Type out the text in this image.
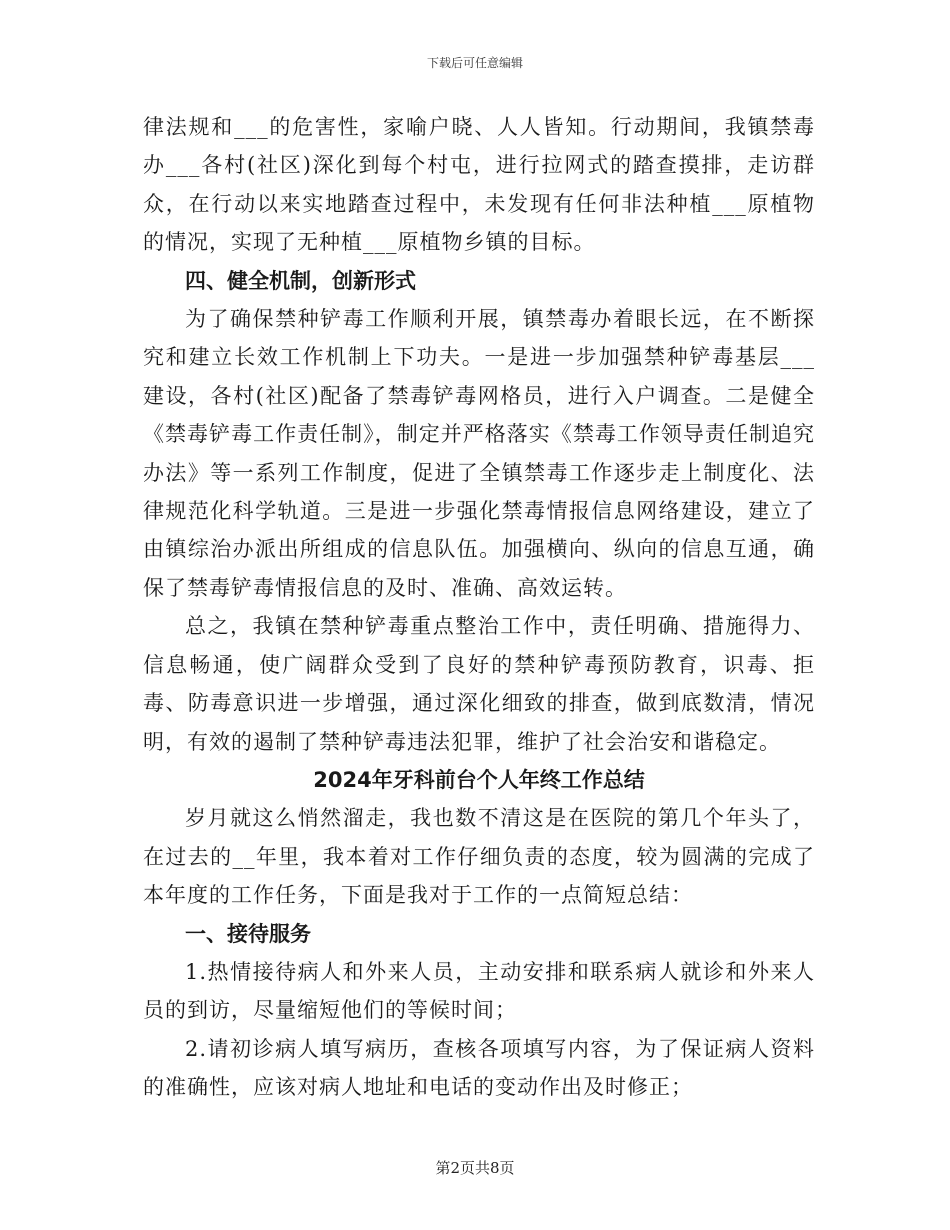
下载后可任意编辑

律法规和___的危害性，家喻户晓、人人皆知。行动期间，我镇禁毒办___各村(社区)深化到每个村屯，进行拉网式的踏查摸排，走访群众，在行动以来实地踏查过程中，未发现有任何非法种植___原植物的情况，实现了无种植___原植物乡镇的目标。

四、健全机制，创新形式

为了确保禁种铲毒工作顺利开展，镇禁毒办着眼长远，在不断探究和建立长效工作机制上下功夫。一是进一步加强禁种铲毒基层___建设，各村(社区)配备了禁毒铲毒网格员，进行入户调查。二是健全《禁毒铲毒工作责任制》，制定并严格落实《禁毒工作领导责任制追究办法》等一系列工作制度，促进了全镇禁毒工作逐步走上制度化、法律规范化科学轨道。三是进一步强化禁毒情报信息网络建设，建立了由镇综治办派出所组成的信息队伍。加强横向、纵向的信息互通，确保了禁毒铲毒情报信息的及时、准确、高效运转。

总之，我镇在禁种铲毒重点整治工作中，责任明确、措施得力、信息畅通，使广阔群众受到了良好的禁种铲毒预防教育，识毒、拒毒、防毒意识进一步增强，通过深化细致的排查，做到底数清，情况明，有效的遏制了禁种铲毒违法犯罪，维护了社会治安和谐稳定。

2024年牙科前台个人年终工作总结

岁月就这么悄然溜走，我也数不清这是在医院的第几个年头了，在过去的__年里，我本着对工作仔细负责的态度，较为圆满的完成了本年度的工作任务，下面是我对于工作的一点简短总结：

一、接待服务

1.热情接待病人和外来人员，主动安排和联系病人就诊和外来人员的到访，尽量缩短他们的等候时间；

2.请初诊病人填写病历，查核各项填写内容，为了保证病人资料的准确性，应该对病人地址和电话的变动作出及时修正；

第2页共8页
